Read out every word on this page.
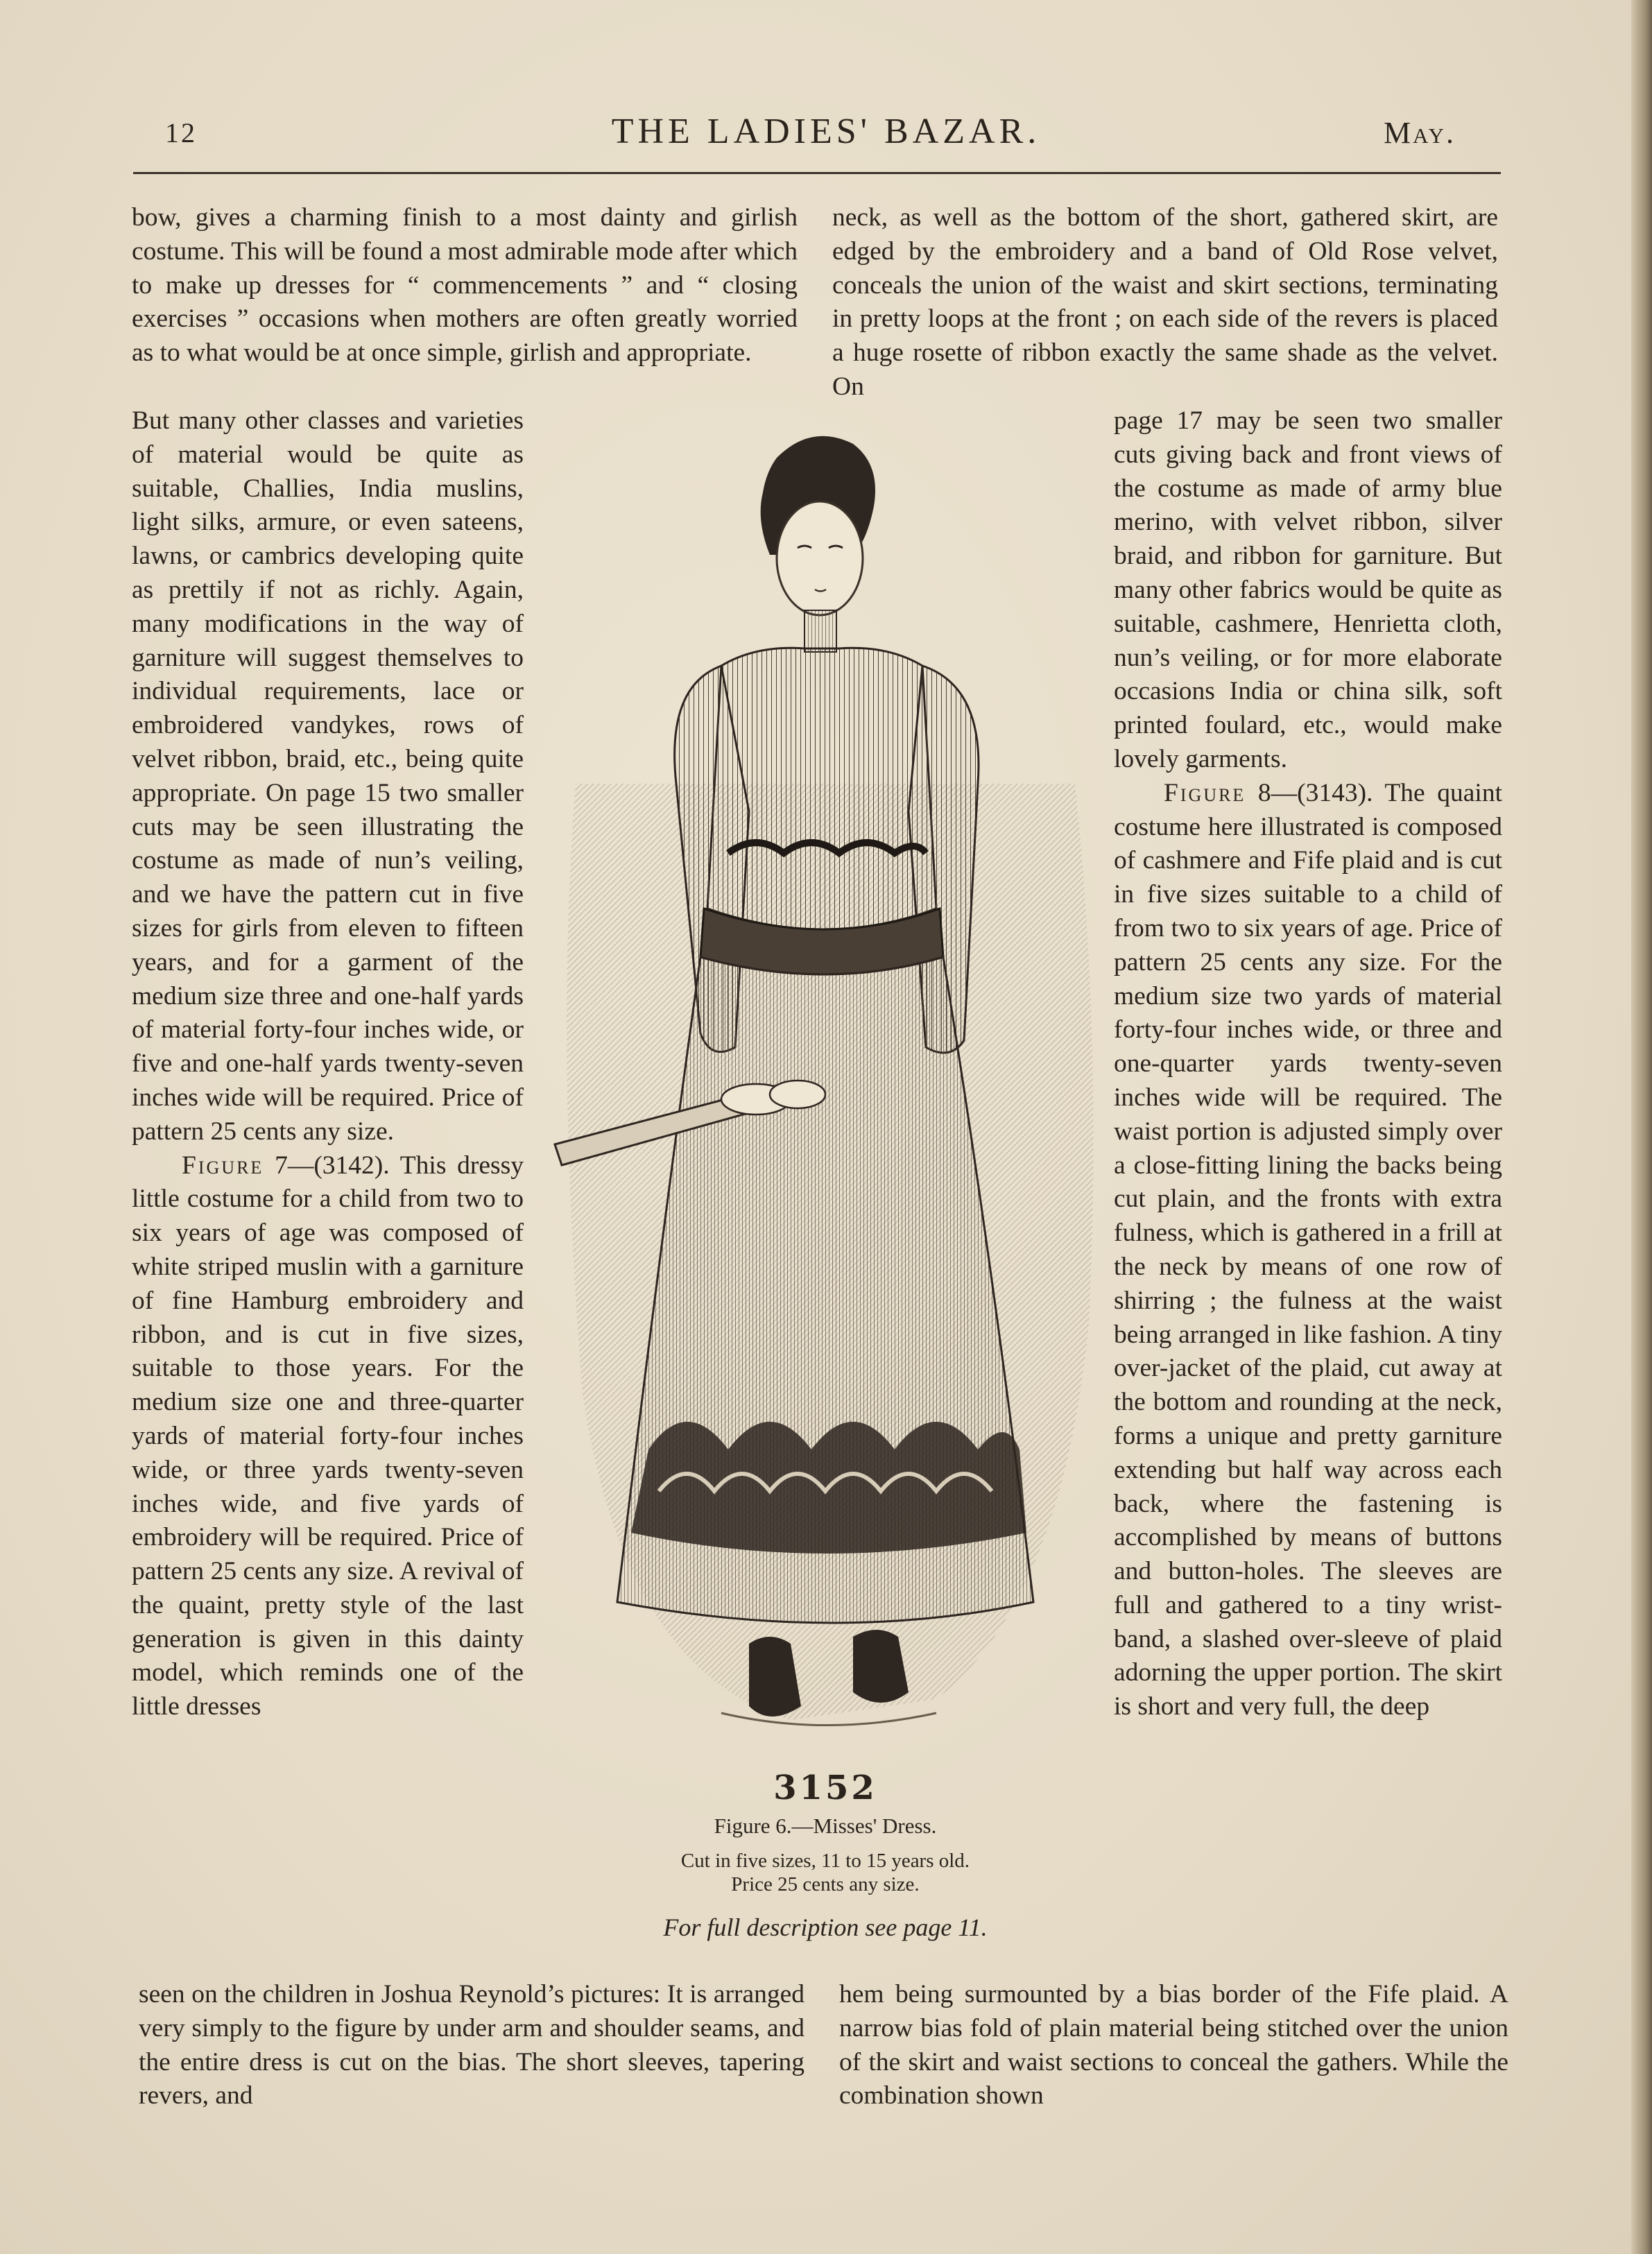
12	THE LADIES' BAZAR.	May.

bow, gives a charming finish to a most dainty and girlish costume. This will be found a most admirable mode after which to make up dresses for “ commencements ” and “ closing exercises ” occasions when mothers are often greatly worried as to what would be at once simple, girlish and appropriate.

But many other classes and varieties of material would be quite as suitable, Challies, India muslins, light silks, armure, or even sateens, lawns, or cambrics developing quite as prettily if not as richly. Again, many modifications in the way of garniture will suggest themselves to individual requirements, lace or embroidered vandykes, rows of velvet ribbon, braid, etc., being quite appropriate. On page 15 two smaller cuts may be seen illustrating the costume as made of nun’s veiling, and we have the pattern cut in five sizes for girls from eleven to fifteen years, and for a garment of the medium size three and one-half yards of material forty-four inches wide, or five and one-half yards twenty-seven inches wide will be required. Price of pattern 25 cents any size.

Figure 7—(3142). This dressy little costume for a child from two to six years of age was composed of white striped muslin with a garniture of fine Hamburg embroidery and ribbon, and is cut in five sizes, suitable to those years. For the medium size one and three-quarter yards of material forty-four inches wide, or three yards twenty-seven inches wide, and five yards of embroidery will be required. Price of pattern 25 cents any size. A revival of the quaint, pretty style of the last generation is given in this dainty model, which reminds one of the little dresses

seen on the children in Joshua Reynold’s pictures: It is arranged very simply to the figure by under arm and shoulder seams, and the entire dress is cut on the bias. The short sleeves, tapering revers, and

neck, as well as the bottom of the short, gathered skirt, are edged by the embroidery and a band of Old Rose velvet, conceals the union of the waist and skirt sections, terminating in pretty loops at the front ; on each side of the revers is placed a huge rosette of ribbon exactly the same shade as the velvet. On

page 17 may be seen two smaller cuts giving back and front views of the costume as made of army blue merino, with velvet ribbon, silver braid, and ribbon for garniture. But many other fabrics would be quite as suitable, cashmere, Henrietta cloth, nun’s veiling, or for more elaborate occasions India or china silk, soft printed foulard, etc., would make lovely garments.

Figure 8—(3143). The quaint costume here illustrated is composed of cashmere and Fife plaid and is cut in five sizes suitable to a child of from two to six years of age. Price of pattern 25 cents any size. For the medium size two yards of material forty-four inches wide, or three and one-quarter yards twenty-seven inches wide will be required. The waist portion is adjusted simply over a close-fitting lining the backs being cut plain, and the fronts with extra fulness, which is gathered in a frill at the neck by means of one row of shirring ; the fulness at the waist being arranged in like fashion. A tiny over-jacket of the plaid, cut away at the bottom and rounding at the neck, forms a unique and pretty garniture extending but half way across each back, where the fastening is accomplished by means of buttons and button-holes. The sleeves are full and gathered to a tiny wrist-band, a slashed over-sleeve of plaid adorning the upper portion. The skirt is short and very full, the deep

hem being surmounted by a bias border of the Fife plaid. A narrow bias fold of plain material being stitched over the union of the skirt and waist sections to conceal the gathers. While the combination shown

3152
Figure 6.—Misses' Dress.
Cut in five sizes, 11 to 15 years old.
Price 25 cents any size.
For full description see page 11.
